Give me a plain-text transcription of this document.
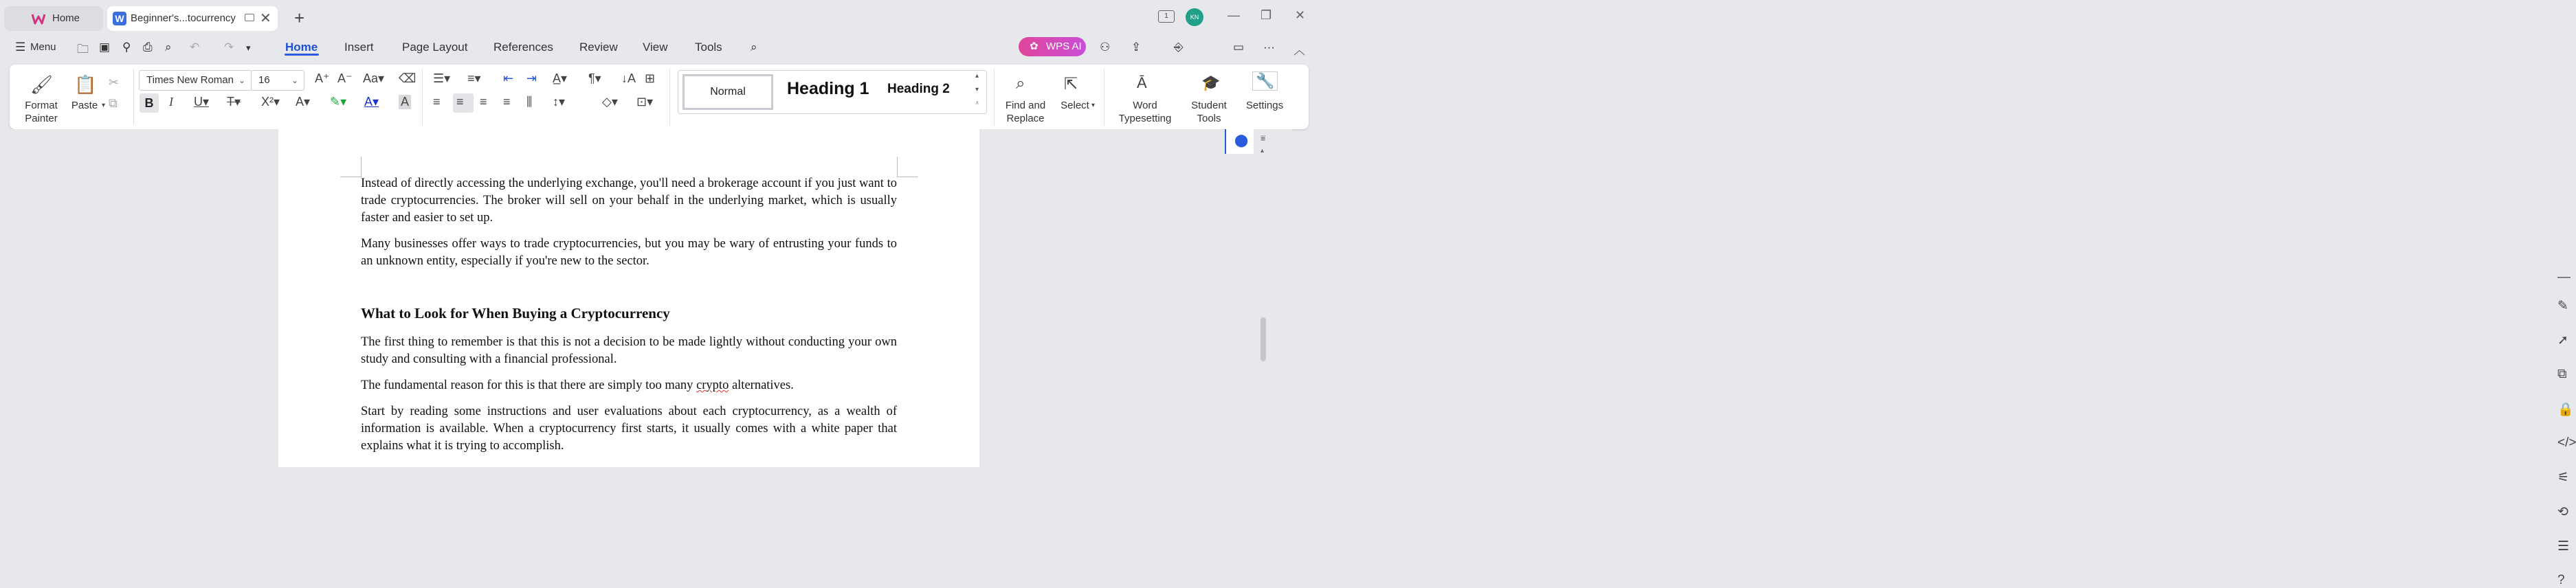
Home	W Beginner's...tocurrency ✕ +	1	KN	— ❐ ✕
☰ Menu 🗀 ▣ ⚲ ⎙ ⌕ ↶ ↷ ▾	Home Insert Page Layout References Review View Tools ⌕	✿ WPS AI	⚇ ⇪	⎆	▭ ··· ︿
🖌
Format
Painter
📋
Paste ▾
✂
⧉
Times New Roman ⌄	16	⌄ A⁺ A⁻ Aa▾ ⌫
B	I U▾ T▾ X²▾ A▾ ✎▾ A▾ A
☰▾ ≡▾ ⇤ ⇥ A̲▾ ¶▾ ↓A ⊞
≡ ≡ ≡ ≡ ⫼ ↕▾	◇▾ ⊡▾
Normal	Heading 1 Heading 2
▴
▾
⩡
⌕
Find and
Replace
⇱
Select ▾
Ā
Word
Typesetting
🎓
Student
Tools
🔧
Settings
Instead of directly accessing the underlying exchange, you'll need a brokerage account if you just want to trade cryptocurrencies. The broker will sell on your behalf in the underlying market, which is usually faster and easier to set up.
Many businesses offer ways to trade cryptocurrencies, but you may be wary of entrusting your funds to an unknown entity, especially if you're new to the sector.
What to Look for When Buying a Cryptocurrency
The first thing to remember is that this is not a decision to be made lightly without conducting your own study and consulting with a financial professional.
The fundamental reason for this is that there are simply too many crypto alternatives.
Start by reading some instructions and user evaluations about each cryptocurrency, as a wealth of information is available. When a cryptocurrency first starts, it usually comes with a white paper that explains what it is trying to accomplish.
⬤ ⩸
▴
—
✎
➚
⧉
🔒
</>
⚟
⟲
☰
?
